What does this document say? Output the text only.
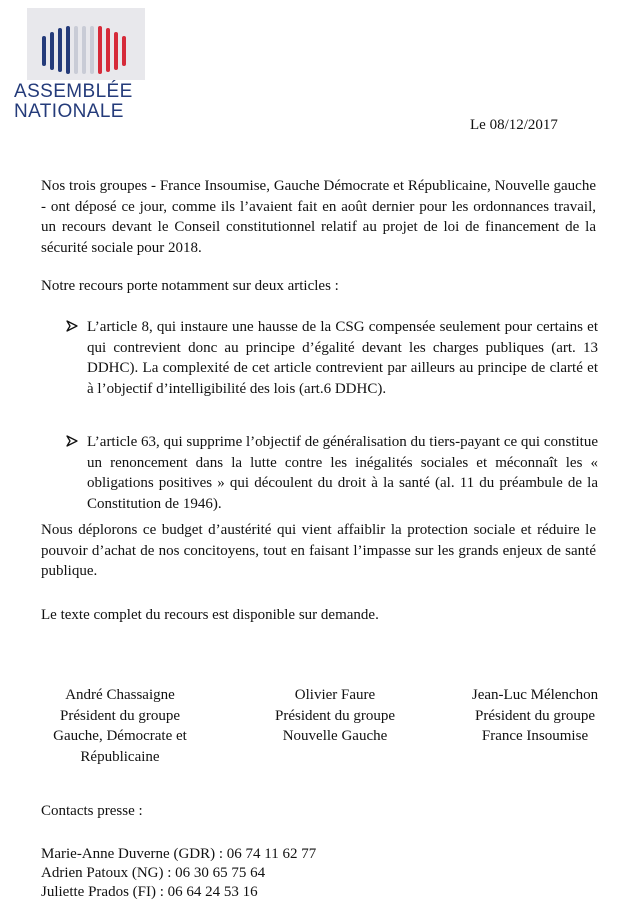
ASSEMBLÉE
NATIONALE
Le 08/12/2017
Nos trois groupes - France Insoumise, Gauche Démocrate et Républicaine, Nouvelle gauche - ont déposé ce jour, comme ils l’avaient fait en août dernier pour les ordonnances travail, un recours devant le Conseil constitutionnel relatif au projet de loi de financement de la sécurité sociale pour 2018.
Notre recours porte notamment sur deux articles :
L’article 8, qui instaure une hausse de la CSG compensée seulement pour certains et qui contrevient donc au principe d’égalité devant les charges publiques (art. 13 DDHC). La complexité de cet article contrevient par ailleurs au principe de clarté et à l’objectif d’intelligibilité des lois (art.6 DDHC).
L’article 63, qui supprime l’objectif de généralisation du tiers-payant ce qui constitue un renoncement dans la lutte contre les inégalités sociales et méconnaît les « obligations positives » qui découlent du droit à la santé (al. 11 du préambule de la Constitution de 1946).
Nous déplorons ce budget d’austérité qui vient affaiblir la protection sociale et réduire le pouvoir d’achat de nos concitoyens, tout en faisant l’impasse sur les grands enjeux de santé publique.
Le texte complet du recours est disponible sur demande.
André Chassaigne
Président du groupe
Gauche, Démocrate et
Républicaine
Olivier Faure
Président du groupe
Nouvelle Gauche
Jean-Luc Mélenchon
Président du groupe
France Insoumise
Contacts presse :
Marie-Anne Duverne (GDR) : 06 74 11 62 77
Adrien Patoux (NG) : 06 30 65 75 64
Juliette Prados (FI) : 06 64 24 53 16
